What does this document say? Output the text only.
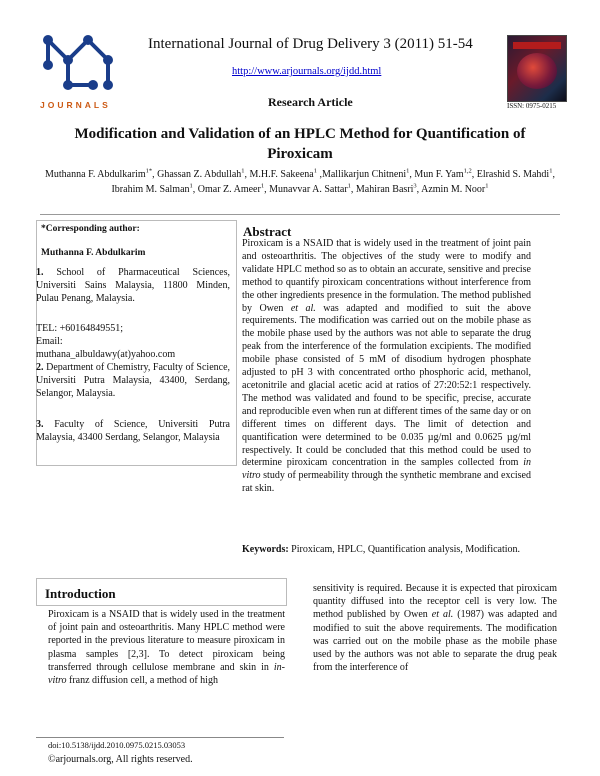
JOURNALS
International Journal of Drug Delivery 3 (2011) 51-54
http://www.arjournals.org/ijdd.html
Research Article	ISSN: 0975-0215
Modification and Validation of an HPLC Method for Quantification of Piroxicam
Muthanna F. Abdulkarim$^{1*}$, Ghassan Z. Abdullah$^1$, M.H.F. Sakeena$^1$ ,Mallikarjun Chitneni$^1$, Mun F. Yam$^{1,2}$, Elrashid S. Mahdi$^1$, Ibrahim M. Salman$^1$, Omar Z. Ameer$^1$, Munavvar A. Sattar$^1$, Mahiran Basri$^3$, Azmin M. Noor$^1$
*Corresponding author:
Muthanna F. Abdulkarim

1. School of Pharmaceutical Sciences, Universiti Sains Malaysia, 11800 Minden, Pulau Penang, Malaysia.

TEL: +60164849551;
Email:
muthana_albuldawy(at)yahoo.com

2. Department of Chemistry, Faculty of Science, Universiti Putra Malaysia, 43400, Serdang, Selangor, Malaysia.

3. Faculty of Science, Universiti Putra Malaysia, 43400 Serdang, Selangor, Malaysia

Abstract
Piroxicam is a NSAID that is widely used in the treatment of joint pain and osteoarthritis. The objectives of the study were to modify and validate HPLC method so as to obtain an accurate, sensitive and precise method to quantify piroxicam concentrations without interference from the other ingredients presence in the formulation. The method published by Owen et al. was adapted and modified to suit the above requirements. The modification was carried out on the mobile phase as the mobile phase used by the authors was not able to separate the drug peak from the interference of the formulation excipients. The modified mobile phase consisted of 5 mM of disodium hydrogen phosphate adjusted to pH 3 with concentrated ortho phosphoric acid, methanol, acetonitrile and glacial acetic acid at ratios of 27:20:52:1 respectively. The method was validated and found to be specific, precise, accurate and reproducible even when run at different times of the same day or on different times on different days. The limit of detection and quantification were determined to be 0.035 µg/ml and 0.0625 µg/ml respectively. It could be concluded that this method could be used to determine piroxicam concentration in the samples collected from in vitro study of permeability through the synthetic membrane and excised rat skin.
Keywords: Piroxicam, HPLC, Quantification analysis, Modification.
Introduction
Piroxicam is a NSAID that is widely used in the treatment of joint pain and osteoarthritis. Many HPLC method were reported in the previous literature to measure piroxicam in plasma samples [2,3]. To detect piroxicam being transferred through cellulose membrane and skin in in- vitro franz diffusion cell, a method of high
sensitivity is required. Because it is expected that piroxicam quantity diffused into the receptor cell is very low. The method published by Owen et al. (1987) was adapted and modified to suit the above requirements. The modification was carried out on the mobile phase as the mobile phase used by the authors was not able to separate the drug peak from the interference of
doi:10.5138/ijdd.2010.0975.0215.03053
©arjournals.org, All rights reserved.
